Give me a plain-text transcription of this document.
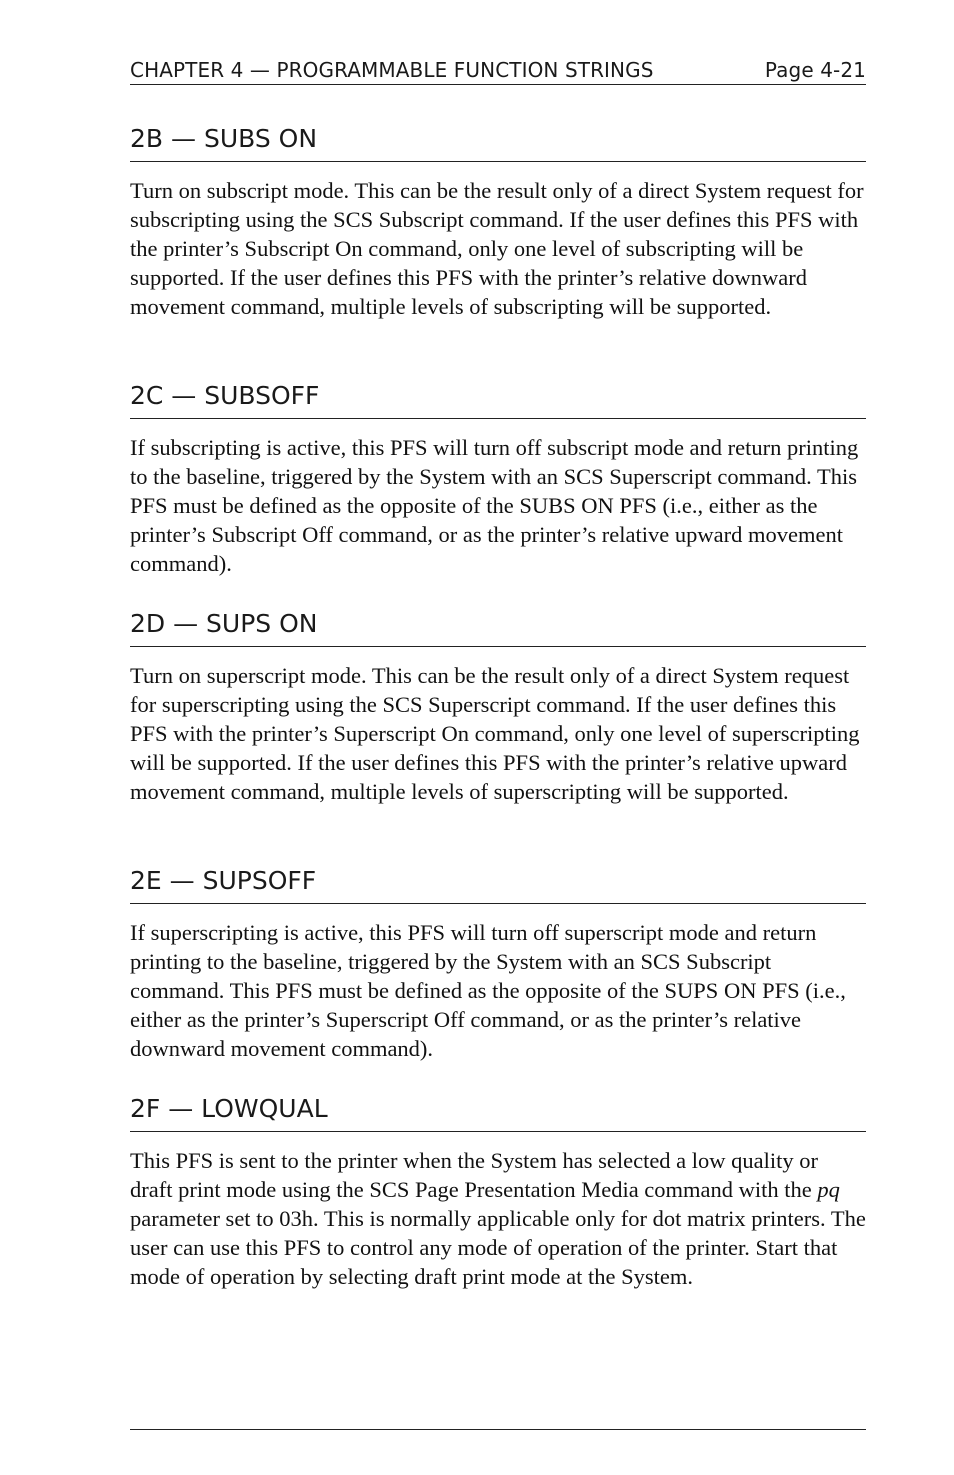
CHAPTER 4 — PROGRAMMABLE FUNCTION STRINGS	Page 4-21
2B — SUBS ON

Turn on subscript mode. This can be the result only of a direct System request for subscripting using the SCS Subscript command. If the user defines this PFS with the printer’s Subscript On command, only one level of subscripting will be supported. If the user defines this PFS with the printer’s relative downward movement command, multiple levels of subscripting will be supported.

2C — SUBSOFF

If subscripting is active, this PFS will turn off subscript mode and return printing to the baseline, triggered by the System with an SCS Superscript command. This PFS must be defined as the opposite of the SUBS ON PFS (i.e., either as the printer’s Subscript Off command, or as the printer’s relative upward movement command).

2D — SUPS ON

Turn on superscript mode. This can be the result only of a direct System request for superscripting using the SCS Superscript command. If the user defines this PFS with the printer’s Superscript On command, only one level of superscripting will be supported. If the user defines this PFS with the printer’s relative upward movement command, multiple levels of superscripting will be supported.

2E — SUPSOFF

If superscripting is active, this PFS will turn off superscript mode and return printing to the baseline, triggered by the System with an SCS Subscript command. This PFS must be defined as the opposite of the SUPS ON PFS (i.e., either as the printer’s Superscript Off command, or as the printer’s relative downward movement command).

2F — LOWQUAL

This PFS is sent to the printer when the System has selected a low quality or draft print mode using the SCS Page Presentation Media command with the pq parameter set to 03h. This is normally applicable only for dot matrix printers. The user can use this PFS to control any mode of operation of the printer. Start that mode of operation by selecting draft print mode at the System.
